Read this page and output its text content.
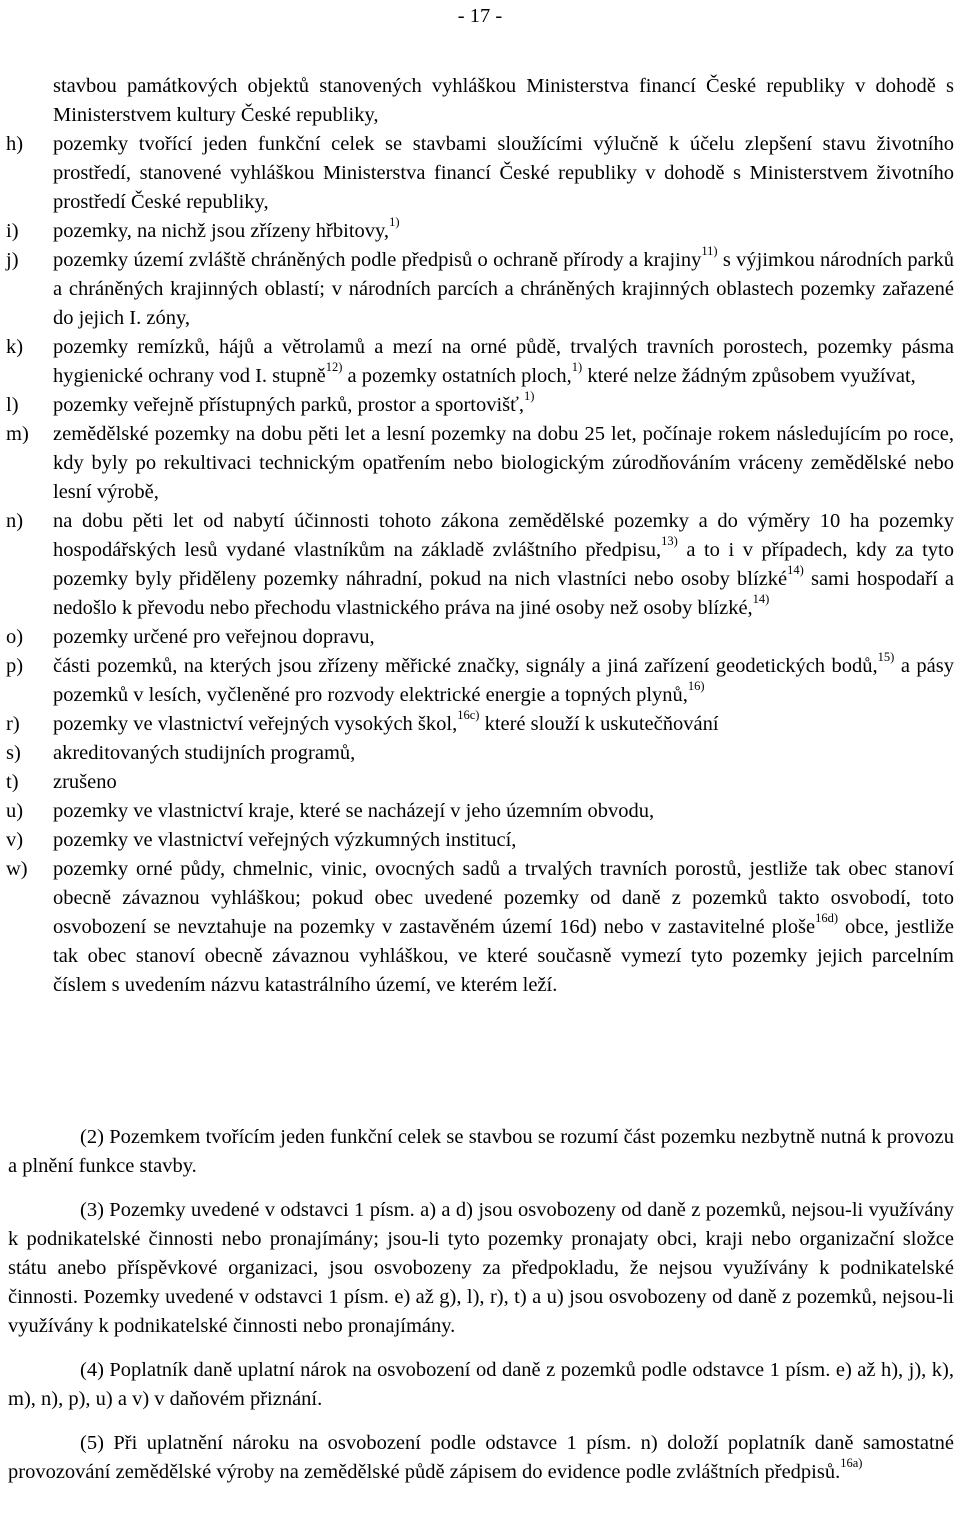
- 17 -
stavbou památkových objektů stanovených vyhláškou Ministerstva financí České republiky v dohodě s Ministerstvem kultury České republiky,
h) pozemky tvořící jeden funkční celek se stavbami sloužícími výlučně k účelu zlepšení stavu životního prostředí, stanovené vyhláškou Ministerstva financí České republiky v dohodě s Ministerstvem životního prostředí České republiky,
i) pozemky, na nichž jsou zřízeny hřbitovy,$^{1)}$
j) pozemky území zvláště chráněných podle předpisů o ochraně přírody a krajiny$^{11)}$ s výjimkou národních parků a chráněných krajinných oblastí; v národních parcích a chráněných krajinných oblastech pozemky zařazené do jejich I. zóny,
k) pozemky remízků, hájů a větrolamů a mezí na orné půdě, trvalých travních porostech, pozemky pásma hygienické ochrany vod I. stupně$^{12)}$ a pozemky ostatních ploch,$^{1)}$ které nelze žádným způsobem využívat,
l) pozemky veřejně přístupných parků, prostor a sportovišť,$^{1)}$
m) zemědělské pozemky na dobu pěti let a lesní pozemky na dobu 25 let, počínaje rokem následujícím po roce, kdy byly po rekultivaci technickým opatřením nebo biologickým zúrodňováním vráceny zemědělské nebo lesní výrobě,
n) na dobu pěti let od nabytí účinnosti tohoto zákona zemědělské pozemky a do výměry 10 ha pozemky hospodářských lesů vydané vlastníkům na základě zvláštního předpisu,$^{13)}$ a to i v případech, kdy za tyto pozemky byly přiděleny pozemky náhradní, pokud na nich vlastníci nebo osoby blízké$^{14)}$ sami hospodaří a nedošlo k převodu nebo přechodu vlastnického práva na jiné osoby než osoby blízké,$^{14)}$
o) pozemky určené pro veřejnou dopravu,
p) části pozemků, na kterých jsou zřízeny měřické značky, signály a jiná zařízení geodetických bodů,$^{15)}$ a pásy pozemků v lesích, vyčleněné pro rozvody elektrické energie a topných plynů,$^{16)}$
r) pozemky ve vlastnictví veřejných vysokých škol,$^{16c)}$ které slouží k uskutečňování
s) akreditovaných studijních programů,
t) zrušeno
u) pozemky ve vlastnictví kraje, které se nacházejí v jeho územním obvodu,
v) pozemky ve vlastnictví veřejných výzkumných institucí,
w) pozemky orné půdy, chmelnic, vinic, ovocných sadů a trvalých travních porostů, jestliže tak obec stanoví obecně závaznou vyhláškou; pokud obec uvedené pozemky od daně z pozemků takto osvobodí, toto osvobození se nevztahuje na pozemky v zastavěném území 16d) nebo v zastavitelné ploše$^{16d)}$ obce, jestliže tak obec stanoví obecně závaznou vyhláškou, ve které současně vymezí tyto pozemky jejich parcelním číslem s uvedením názvu katastrálního území, ve kterém leží.
(2) Pozemkem tvořícím jeden funkční celek se stavbou se rozumí část pozemku nezbytně nutná k provozu a plnění funkce stavby.
(3) Pozemky uvedené v odstavci 1 písm. a) a d) jsou osvobozeny od daně z pozemků, nejsou-li využívány k podnikatelské činnosti nebo pronajímány; jsou-li tyto pozemky pronajaty obci, kraji nebo organizační složce státu anebo příspěvkové organizaci, jsou osvobozeny za předpokladu, že nejsou využívány k podnikatelské činnosti. Pozemky uvedené v odstavci 1 písm. e) až g), l), r), t) a u) jsou osvobozeny od daně z pozemků, nejsou-li využívány k podnikatelské činnosti nebo pronajímány.
(4) Poplatník daně uplatní nárok na osvobození od daně z pozemků podle odstavce 1 písm. e) až h), j), k), m), n), p), u) a v) v daňovém přiznání.
(5) Při uplatnění nároku na osvobození podle odstavce 1 písm. n) doloží poplatník daně samostatné provozování zemědělské výroby na zemědělské půdě zápisem do evidence podle zvláštních předpisů.$^{16a)}$
